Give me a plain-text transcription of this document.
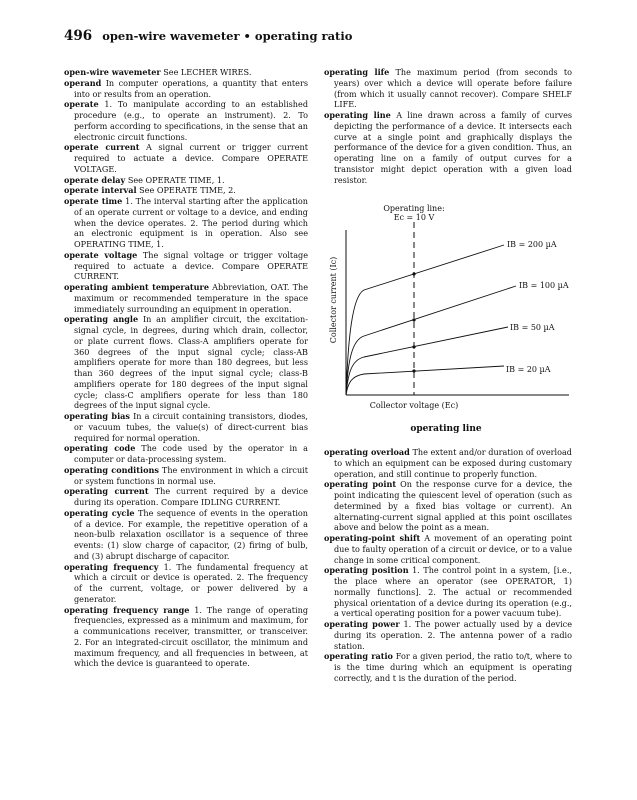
496 open-wire wavemeter • operating ratio

open-wire wavemeter See LECHER WIRES.

operand In computer operations, a quantity that enters into or results from an operation.

operate 1. To manipulate according to an established procedure (e.g., to operate an instrument). 2. To perform according to specifications, in the sense that an electronic circuit functions.

operate current A signal current or trigger current required to actuate a device. Compare OPERATE VOLTAGE.

operate delay See OPERATE TIME, 1.

operate interval See OPERATE TIME, 2.

operate time 1. The interval starting after the application of an operate current or voltage to a device, and ending when the device operates. 2. The period during which an electronic equipment is in operation. Also see OPERATING TIME, 1.

operate voltage The signal voltage or trigger voltage required to actuate a device. Compare OPERATE CURRENT.

operating ambient temperature Abbreviation, OAT. The maximum or recommended temperature in the space immediately surrounding an equipment in operation.

operating angle In an amplifier circuit, the excitation-signal cycle, in degrees, during which drain, collector, or plate current flows. Class-A amplifiers operate for 360 degrees of the input signal cycle; class-AB amplifiers operate for more than 180 degrees, but less than 360 degrees of the input signal cycle; class-B amplifiers operate for 180 degrees of the input signal cycle; class-C amplifiers operate for less than 180 degrees of the input signal cycle.

operating bias In a circuit containing transistors, diodes, or vacuum tubes, the value(s) of direct-current bias required for normal operation.

operating code The code used by the operator in a computer or data-processing system.

operating conditions The environment in which a circuit or system functions in normal use.

operating current The current required by a device during its operation. Compare IDLING CURRENT.

operating cycle The sequence of events in the operation of a device. For example, the repetitive operation of a neon-bulb relaxation oscillator is a sequence of three events: (1) slow charge of capacitor, (2) firing of bulb, and (3) abrupt discharge of capacitor.

operating frequency 1. The fundamental frequency at which a circuit or device is operated. 2. The frequency of the current, voltage, or power delivered by a generator.

operating frequency range 1. The range of operating frequencies, expressed as a minimum and maximum, for a communications receiver, transmitter, or transceiver. 2. For an integrated-circuit oscillator, the minimum and maximum frequency, and all frequencies in between, at which the device is guaranteed to operate.

operating life The maximum period (from seconds to years) over which a device will operate before failure (from which it usually cannot recover). Compare SHELF LIFE.

operating line A line drawn across a family of curves depicting the performance of a device. It intersects each curve at a single point and graphically displays the performance of the device for a given condition. Thus, an operating line on a family of output curves for a transistor might depict operation with a given load resistor.

Operating line:
Ec = 10 V
IB = 200 µA
IB = 100 µA
IB = 50 µA
IB = 20 µA
Collector voltage (Ec)
Collector current (Ic)
operating line

operating overload The extent and/or duration of overload to which an equipment can be exposed during customary operation, and still continue to properly function.

operating point On the response curve for a device, the point indicating the quiescent level of operation (such as determined by a fixed bias voltage or current). An alternating-current signal applied at this point oscillates above and below the point as a mean.

operating-point shift A movement of an operating point due to faulty operation of a circuit or device, or to a value change in some critical component.

operating position 1. The control point in a system, [i.e., the place where an operator (see OPERATOR, 1) normally functions]. 2. The actual or recommended physical orientation of a device during its operation (e.g., a vertical operating position for a power vacuum tube).

operating power 1. The power actually used by a device during its operation. 2. The antenna power of a radio station.

operating ratio For a given period, the ratio to/t, where to is the time during which an equipment is operating correctly, and t is the duration of the period.
